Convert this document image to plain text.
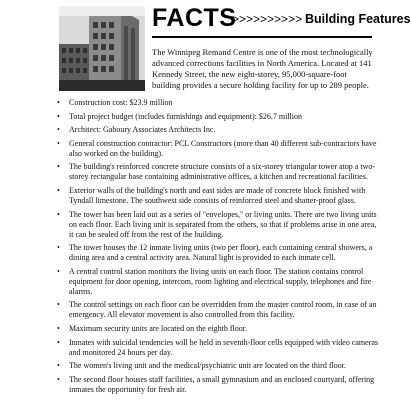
FACTS
>>>>>>>>>> Building Features

The Winnipeg Remand Centre is one of the most technologically advanced corrections facilities in North America. Located at 141 Kennedy Street, the new eight-storey, 95,000-square-foot building provides a secure holding facility for up to 289 people.

• Construction cost: $23.9 million
• Total project budget (includes furnishings and equipment): $26.7 million
• Architect: Gaboury Associates Architects Inc.
• General construction contractor: PCL Constructors (more than 40 different sub-contractors have also worked on the building).
• The building's reinforced concrete structure consists of a six-storey triangular tower atop a two-storey rectangular base containing administrative offices, a kitchen and recreational facilities.
• Exterior walls of the building's north and east sides are made of concrete block finished with Tyndall limestone. The southwest side consists of reinforced steel and shatter-proof glass.
• The tower has been laid out as a series of "envelopes," or living units. There are two living units on each floor. Each living unit is separated from the others, so that if problems arise in one area, it can be sealed off from the rest of the building.
• The tower houses the 12 inmate living units (two per floor), each containing central showers, a dining area and a central activity area. Natural light is provided to each inmate cell.
• A central control station monitors the living units on each floor. The station contains control equipment for door opening, intercom, room lighting and electrical supply, telephones and fire alarms.
• The control settings on each floor can be overridden from the master control room, in case of an emergency. All elevator movement is also controlled from this facility.
• Maximum security units are located on the eighth floor.
• Inmates with suicidal tendencies will be held in seventh-floor cells equipped with video cameras and monitored 24 hours per day.
• The women's living unit and the medical/psychiatric unit are located on the third floor.
• The second floor houses staff facilities, a small gymnasium and an enclosed courtyard, offering inmates the opportunity for fresh air.
